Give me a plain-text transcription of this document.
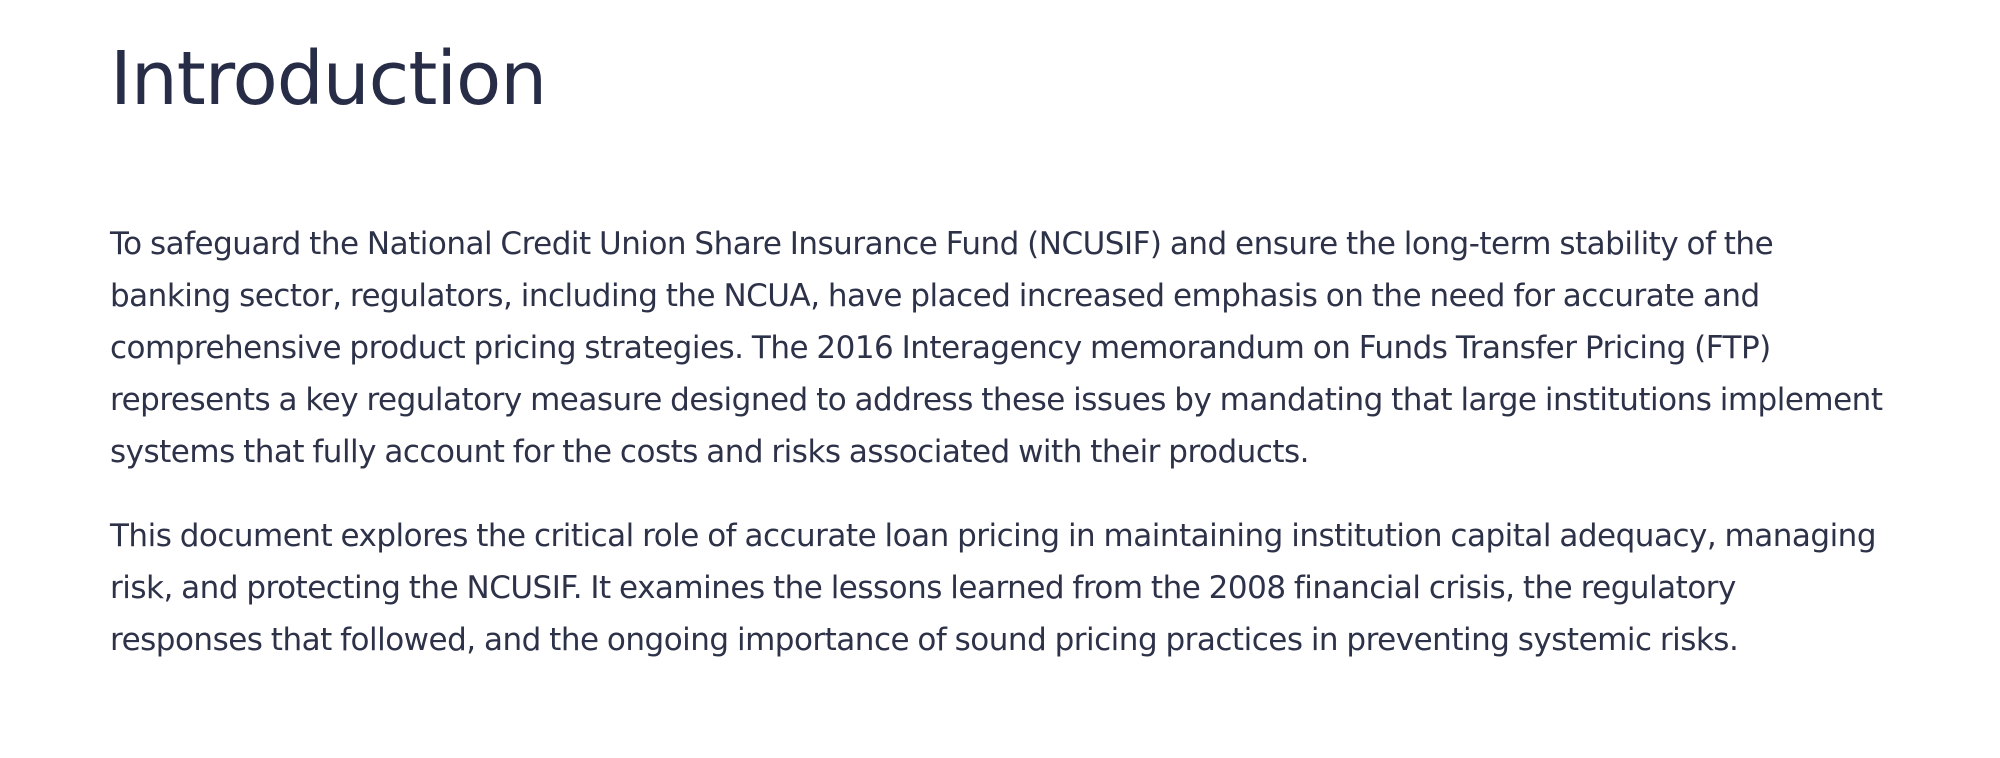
Introduction

To safeguard the National Credit Union Share Insurance Fund (NCUSIF) and ensure the long-term stability of the banking sector, regulators, including the NCUA, have placed increased emphasis on the need for accurate and comprehensive product pricing strategies. The 2016 Interagency memorandum on Funds Transfer Pricing (FTP) represents a key regulatory measure designed to address these issues by mandating that large institutions implement systems that fully account for the costs and risks associated with their products.

This document explores the critical role of accurate loan pricing in maintaining institution capital adequacy, managing risk, and protecting the NCUSIF. It examines the lessons learned from the 2008 financial crisis, the regulatory responses that followed, and the ongoing importance of sound pricing practices in preventing systemic risks.
